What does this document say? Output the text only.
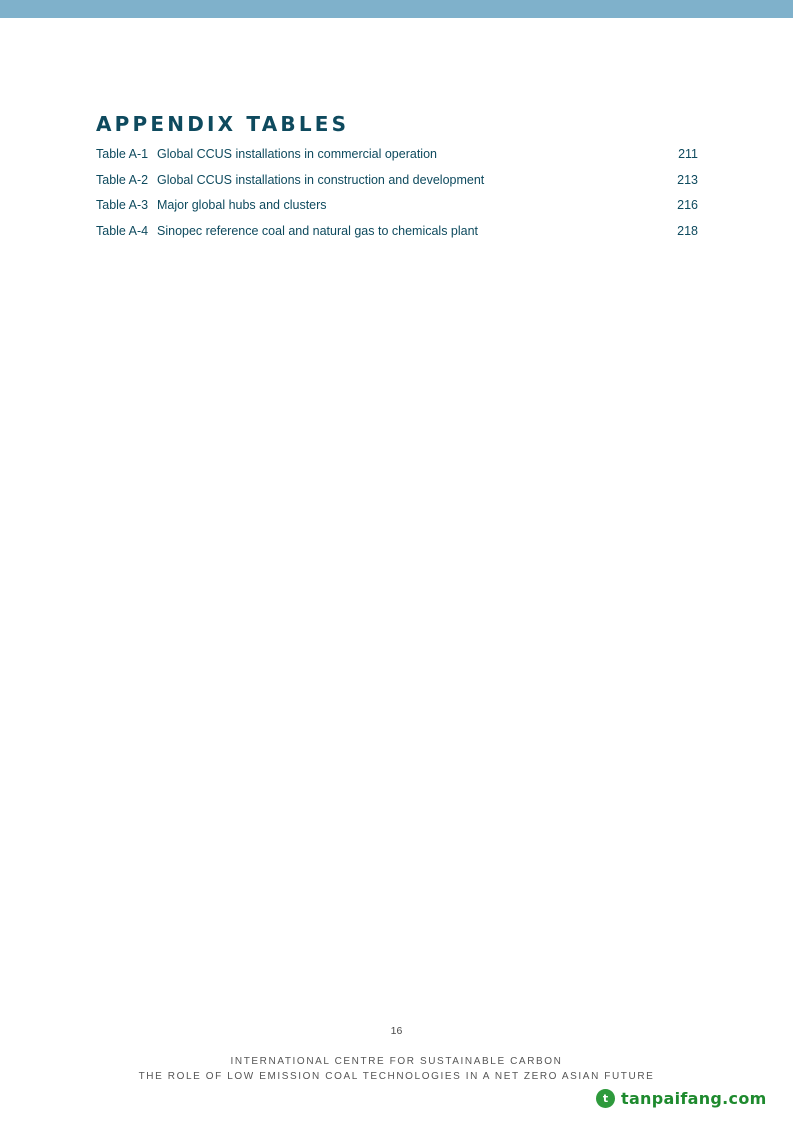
APPENDIX TABLES
Table A-1 Global CCUS installations in commercial operation	211
Table A-2 Global CCUS installations in construction and development	213
Table A-3 Major global hubs and clusters	216
Table A-4 Sinopec reference coal and natural gas to chemicals plant	218
16
INTERNATIONAL CENTRE FOR SUSTAINABLE CARBON
THE ROLE OF LOW EMISSION COAL TECHNOLOGIES IN A NET ZERO ASIAN FUTURE
t tanpaifang.com
